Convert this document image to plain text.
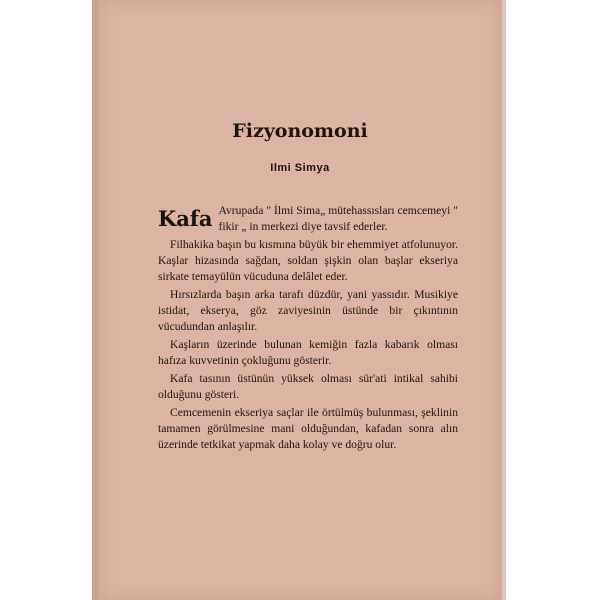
Fizyonomoni
Ilmi Simya

Kafa Avrupada " İlmi Sima„ mütehassısları cemcemeyi " fikir „ in merkezi diye tavsif ederler.

Filhakika başın bu kısmına büyük bir ehemmiyet atfolunuyor. Kaşlar hizasında sağdan, soldan şişkin olan başlar ekseriya sirkate temayülün vücuduna delâlet eder.

Hırsızlarda başın arka tarafı düzdür, yani yassıdır. Musikiye istidat, ekserya, göz zaviyesinin üstünde bir çıkıntının vücudundan anlaşılır.

Kaşların üzerinde bulunan kemiğin fazla kabarık olması hafıza kuvvetinin çokluğunu gösterir.

Kafa tasının üstünün yüksek olması sür'ati intikal sahibi olduğunu gösteri.

Cemcemenin ekseriya saçlar ile örtülmüş bulunması, şeklinin tamamen görülmesine mani olduğundan, kafadan sonra alın üzerinde tetkikat yapmak daha kolay ve doğru olur.
